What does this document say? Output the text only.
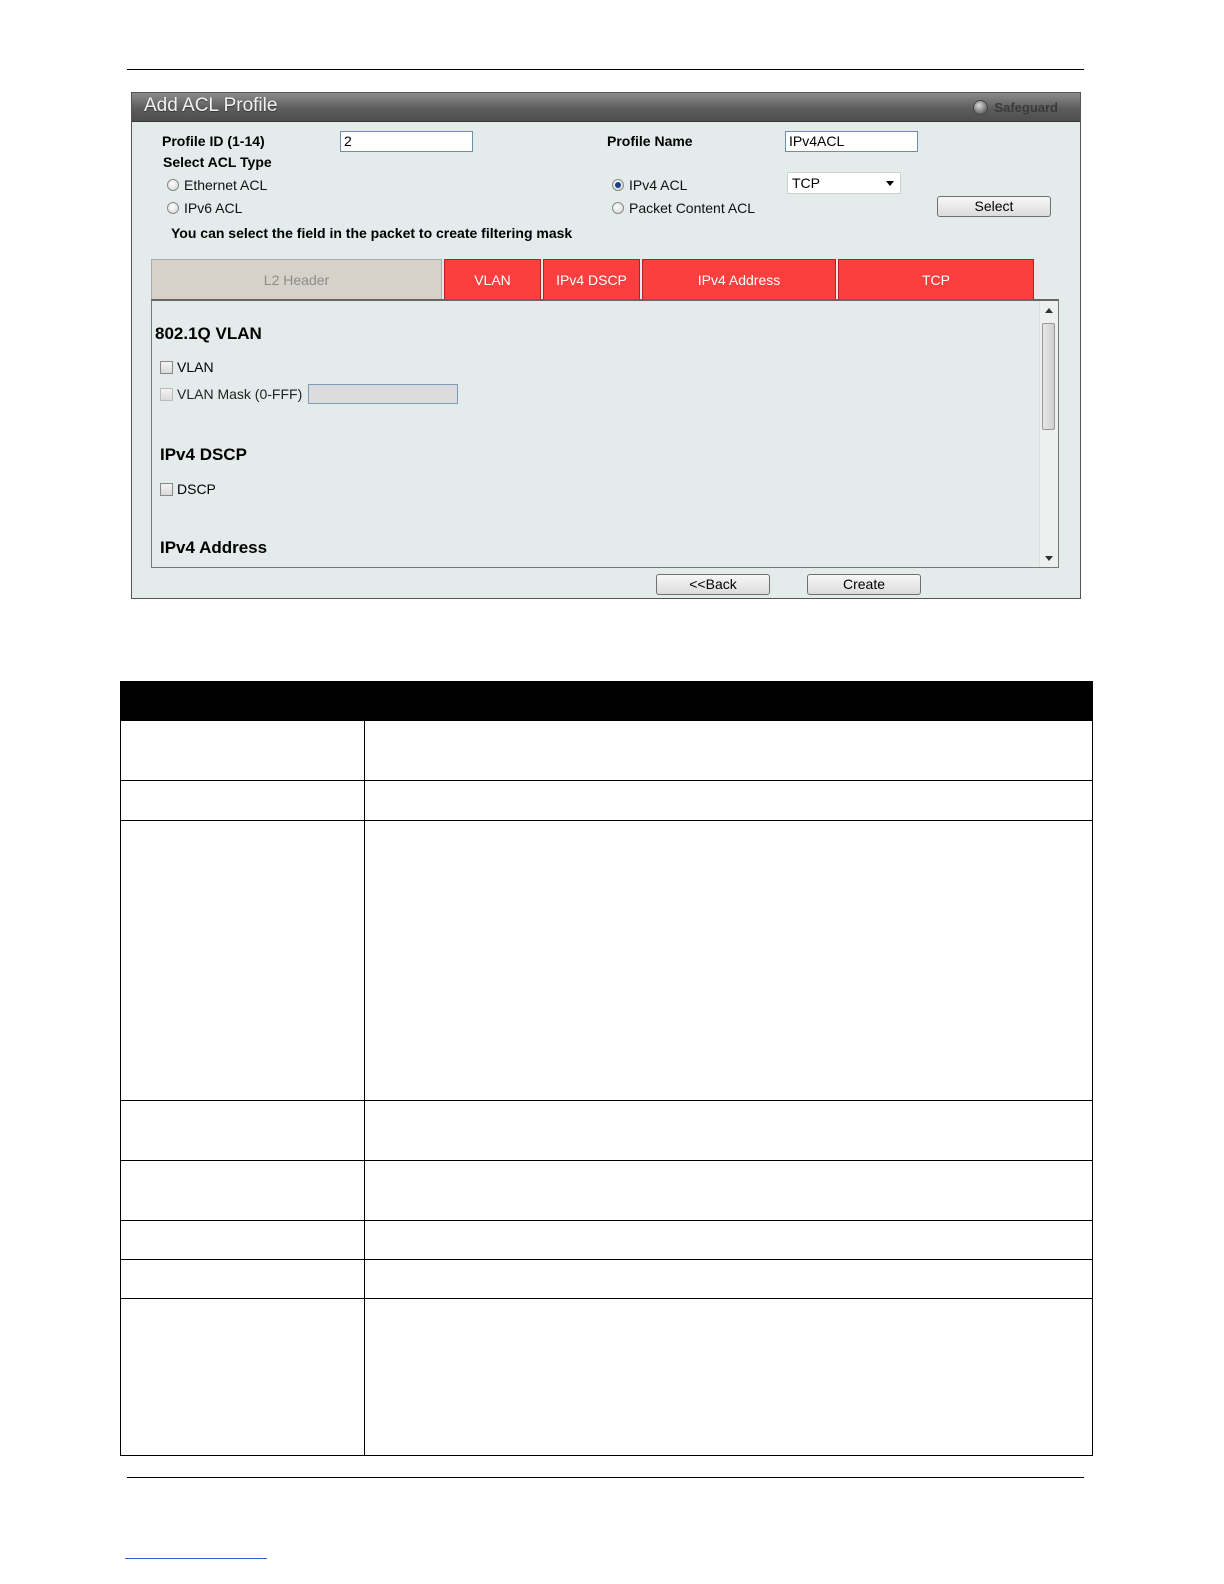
Add ACL Profile	Safeguard
Profile ID (1-14)	2	Profile Name	IPv4ACL
Select ACL Type
Ethernet ACL
IPv6 ACL
IPv4 ACL
Packet Content ACL
TCP
Select
You can select the field in the packet to create filtering mask
L2 Header	VLAN	IPv4 DSCP	IPv4 Address	TCP
802.1Q VLAN
VLAN
VLAN Mask (0-FFF)
IPv4 DSCP
DSCP
IPv4 Address
<<Back	Create
